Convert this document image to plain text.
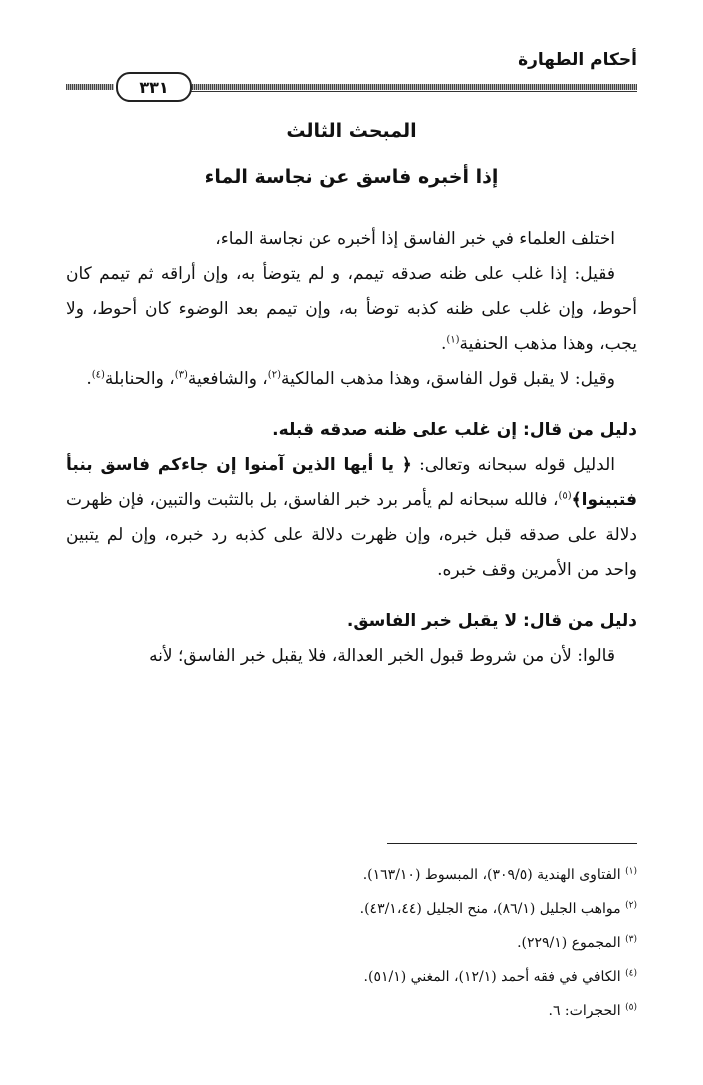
أحكام الطهارة
٣٣١
المبحث الثالث
إذا أخبره فاسق عن نجاسة الماء

اختلف العلماء في خبر الفاسق إذا أخبره عن نجاسة الماء،

فقيل: إذا غلب على ظنه صدقه تيمم، و لم يتوضأ به، وإن أراقه ثم تيمم كان أحوط، وإن غلب على ظنه كذبه توضأ به، وإن تيمم بعد الوضوء كان أحوط، ولا يجب، وهذا مذهب الحنفية$^{(١)}$.

وقيل: لا يقبل قول الفاسق، وهذا مذهب المالكية$^{(٢)}$، والشافعية$^{(٣)}$، والحنابلة$^{(٤)}$.

دليل من قال: إن غلب على ظنه صدقه قبله.

الدليل قوله سبحانه وتعالى: ﴿ يا أيها الذين آمنوا إن جاءكم فاسق بنبأ فتبينوا﴾$^{(٥)}$، فالله سبحانه لم يأمر برد خبر الفاسق، بل بالتثبت والتبين، فإن ظهرت دلالة على صدقه قبل خبره، وإن ظهرت دلالة على كذبه رد خبره، وإن لم يتبين واحد من الأمرين وقف خبره.

دليل من قال: لا يقبل خبر الفاسق.

قالوا: لأن من شروط قبول الخبر العدالة، فلا يقبل خبر الفاسق؛ لأنه

$^{(١)}$ الفتاوى الهندية (٣٠٩/٥)، المبسوط (١٦٣/١٠).

$^{(٢)}$ مواهب الجليل (٨٦/١)، منح الجليل (٤٣/١،٤٤).

$^{(٣)}$ المجموع (٢٢٩/١).

$^{(٤)}$ الكافي في فقه أحمد (١٢/١)، المغني (٥١/١).

$^{(٥)}$ الحجرات: ٦.
